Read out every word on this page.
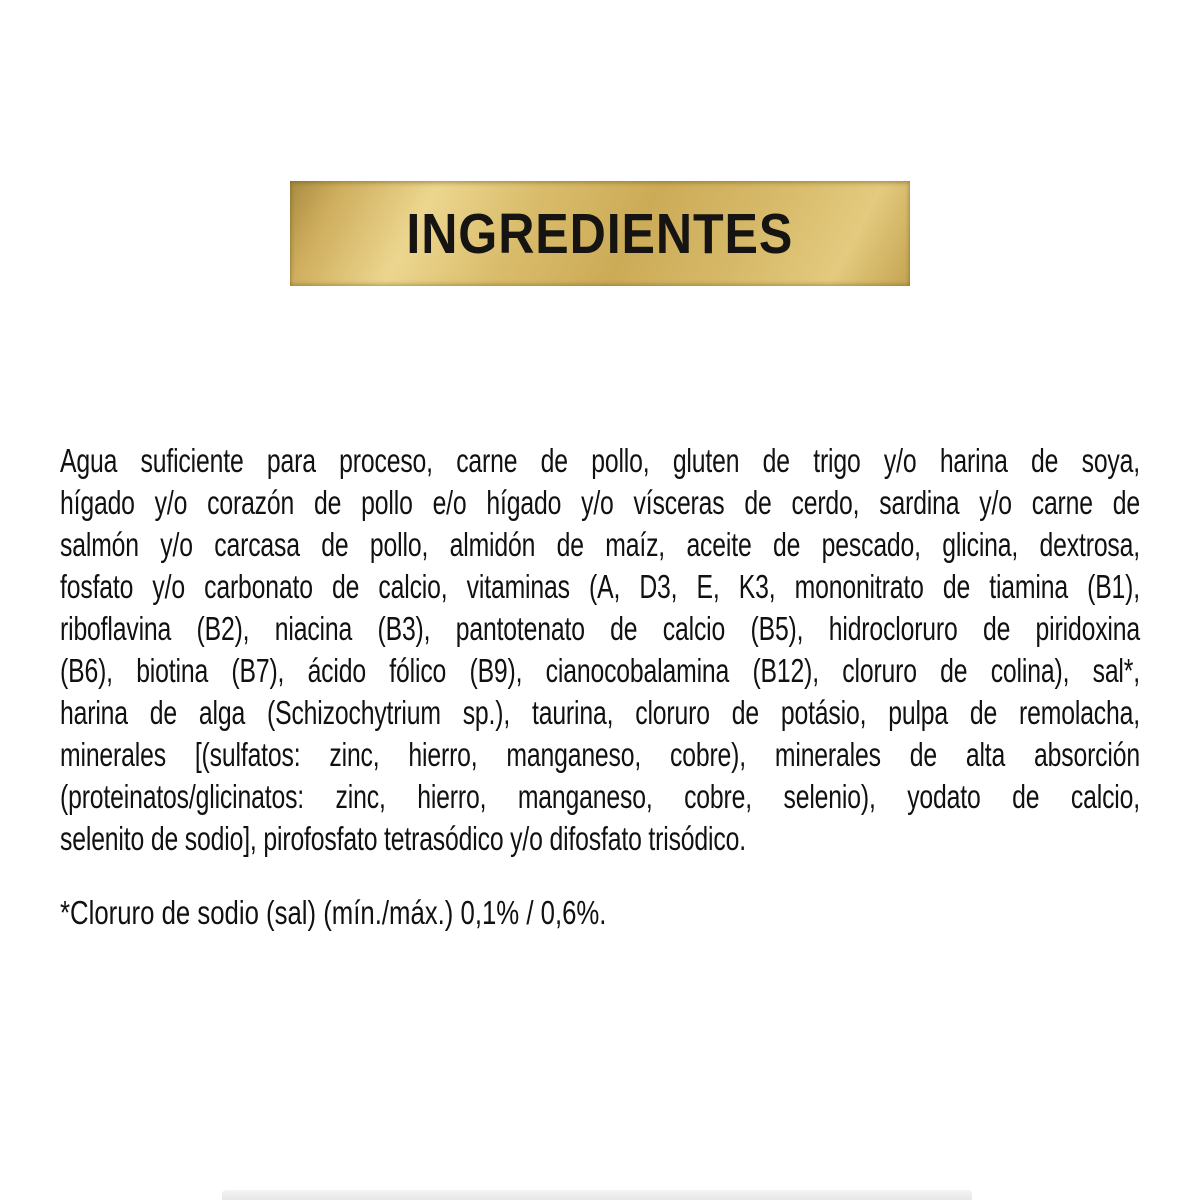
INGREDIENTES
Agua suficiente para proceso, carne de pollo, gluten de trigo y/o harina de soya,
hígado y/o corazón de pollo e/o hígado y/o vísceras de cerdo, sardina y/o carne de
salmón y/o carcasa de pollo, almidón de maíz, aceite de pescado, glicina, dextrosa,
fosfato y/o carbonato de calcio, vitaminas (A, D3, E, K3, mononitrato de tiamina (B1),
riboflavina (B2), niacina (B3), pantotenato de calcio (B5), hidrocloruro de piridoxina
(B6), biotina (B7), ácido fólico (B9), cianocobalamina (B12), cloruro de colina), sal*,
harina de alga (Schizochytrium sp.), taurina, cloruro de potásio, pulpa de remolacha,
minerales [(sulfatos: zinc, hierro, manganeso, cobre), minerales de alta absorción
(proteinatos/glicinatos: zinc, hierro, manganeso, cobre, selenio), yodato de calcio,
selenito de sodio], pirofosfato tetrasódico y/o difosfato trisódico.
*Cloruro de sodio (sal) (mín./máx.) 0,1% / 0,6%.
